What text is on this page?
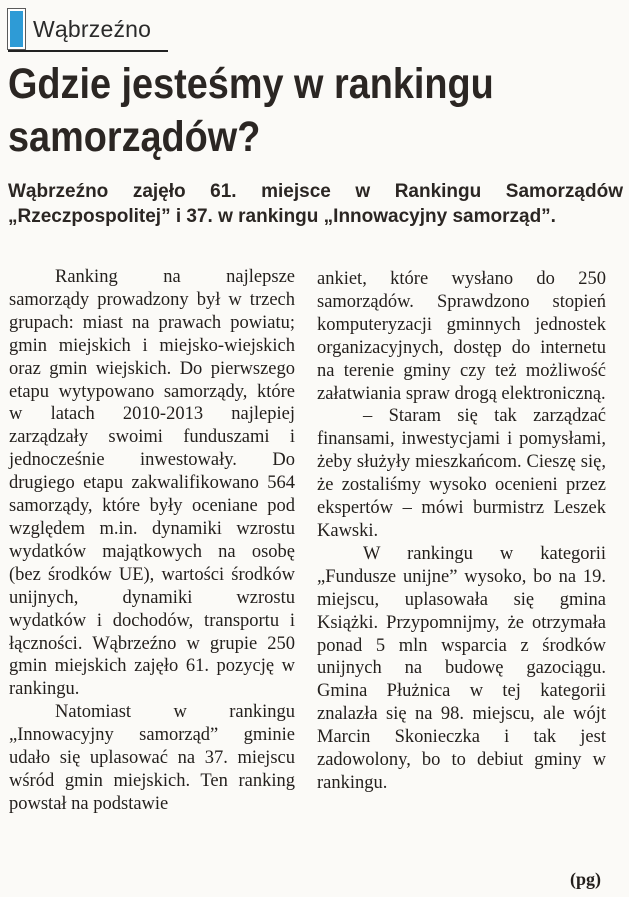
Wąbrzeźno
Gdzie jesteśmy w rankingu samorządów?

Wąbrzeźno zajęło 61. miejsce w Rankingu Samorządów „Rzeczpospolitej” i 37. w rankingu „Innowacyjny samorząd”.

Ranking na najlepsze samorządy prowadzony był w trzech grupach: miast na prawach powiatu; gmin miejskich i miejsko-wiejskich oraz gmin wiejskich. Do pierwszego etapu wytypowano samorządy, które w latach 2010-2013 najlepiej zarządzały swoimi funduszami i jednocześnie inwestowały. Do drugiego etapu zakwalifikowano 564 samorządy, które były oceniane pod względem m.in. dynamiki wzrostu wydatków majątkowych na osobę (bez środków UE), wartości środków unijnych, dynamiki wzrostu wydatków i dochodów, transportu i łączności. Wąbrzeźno w grupie 250 gmin miejskich zajęło 61. pozycję w rankingu.

Natomiast w rankingu „Innowacyjny samorząd” gminie udało się uplasować na 37. miejscu wśród gmin miejskich. Ten ranking powstał na podstawie

ankiet, które wysłano do 250 samorządów. Sprawdzono stopień komputeryzacji gminnych jednostek organizacyjnych, dostęp do internetu na terenie gminy czy też możliwość załatwiania spraw drogą elektroniczną.

– Staram się tak zarządzać finansami, inwestycjami i pomysłami, żeby służyły mieszkańcom. Cieszę się, że zostaliśmy wysoko ocenieni przez ekspertów – mówi burmistrz Leszek Kawski.

W rankingu w kategorii „Fundusze unijne” wysoko, bo na 19. miejscu, uplasowała się gmina Książki. Przypomnijmy, że otrzymała ponad 5 mln wsparcia z środków unijnych na budowę gazociągu. Gmina Płużnica w tej kategorii znalazła się na 98. miejscu, ale wójt Marcin Skonieczka i tak jest zadowolony, bo to debiut gminy w rankingu.

(pg)
